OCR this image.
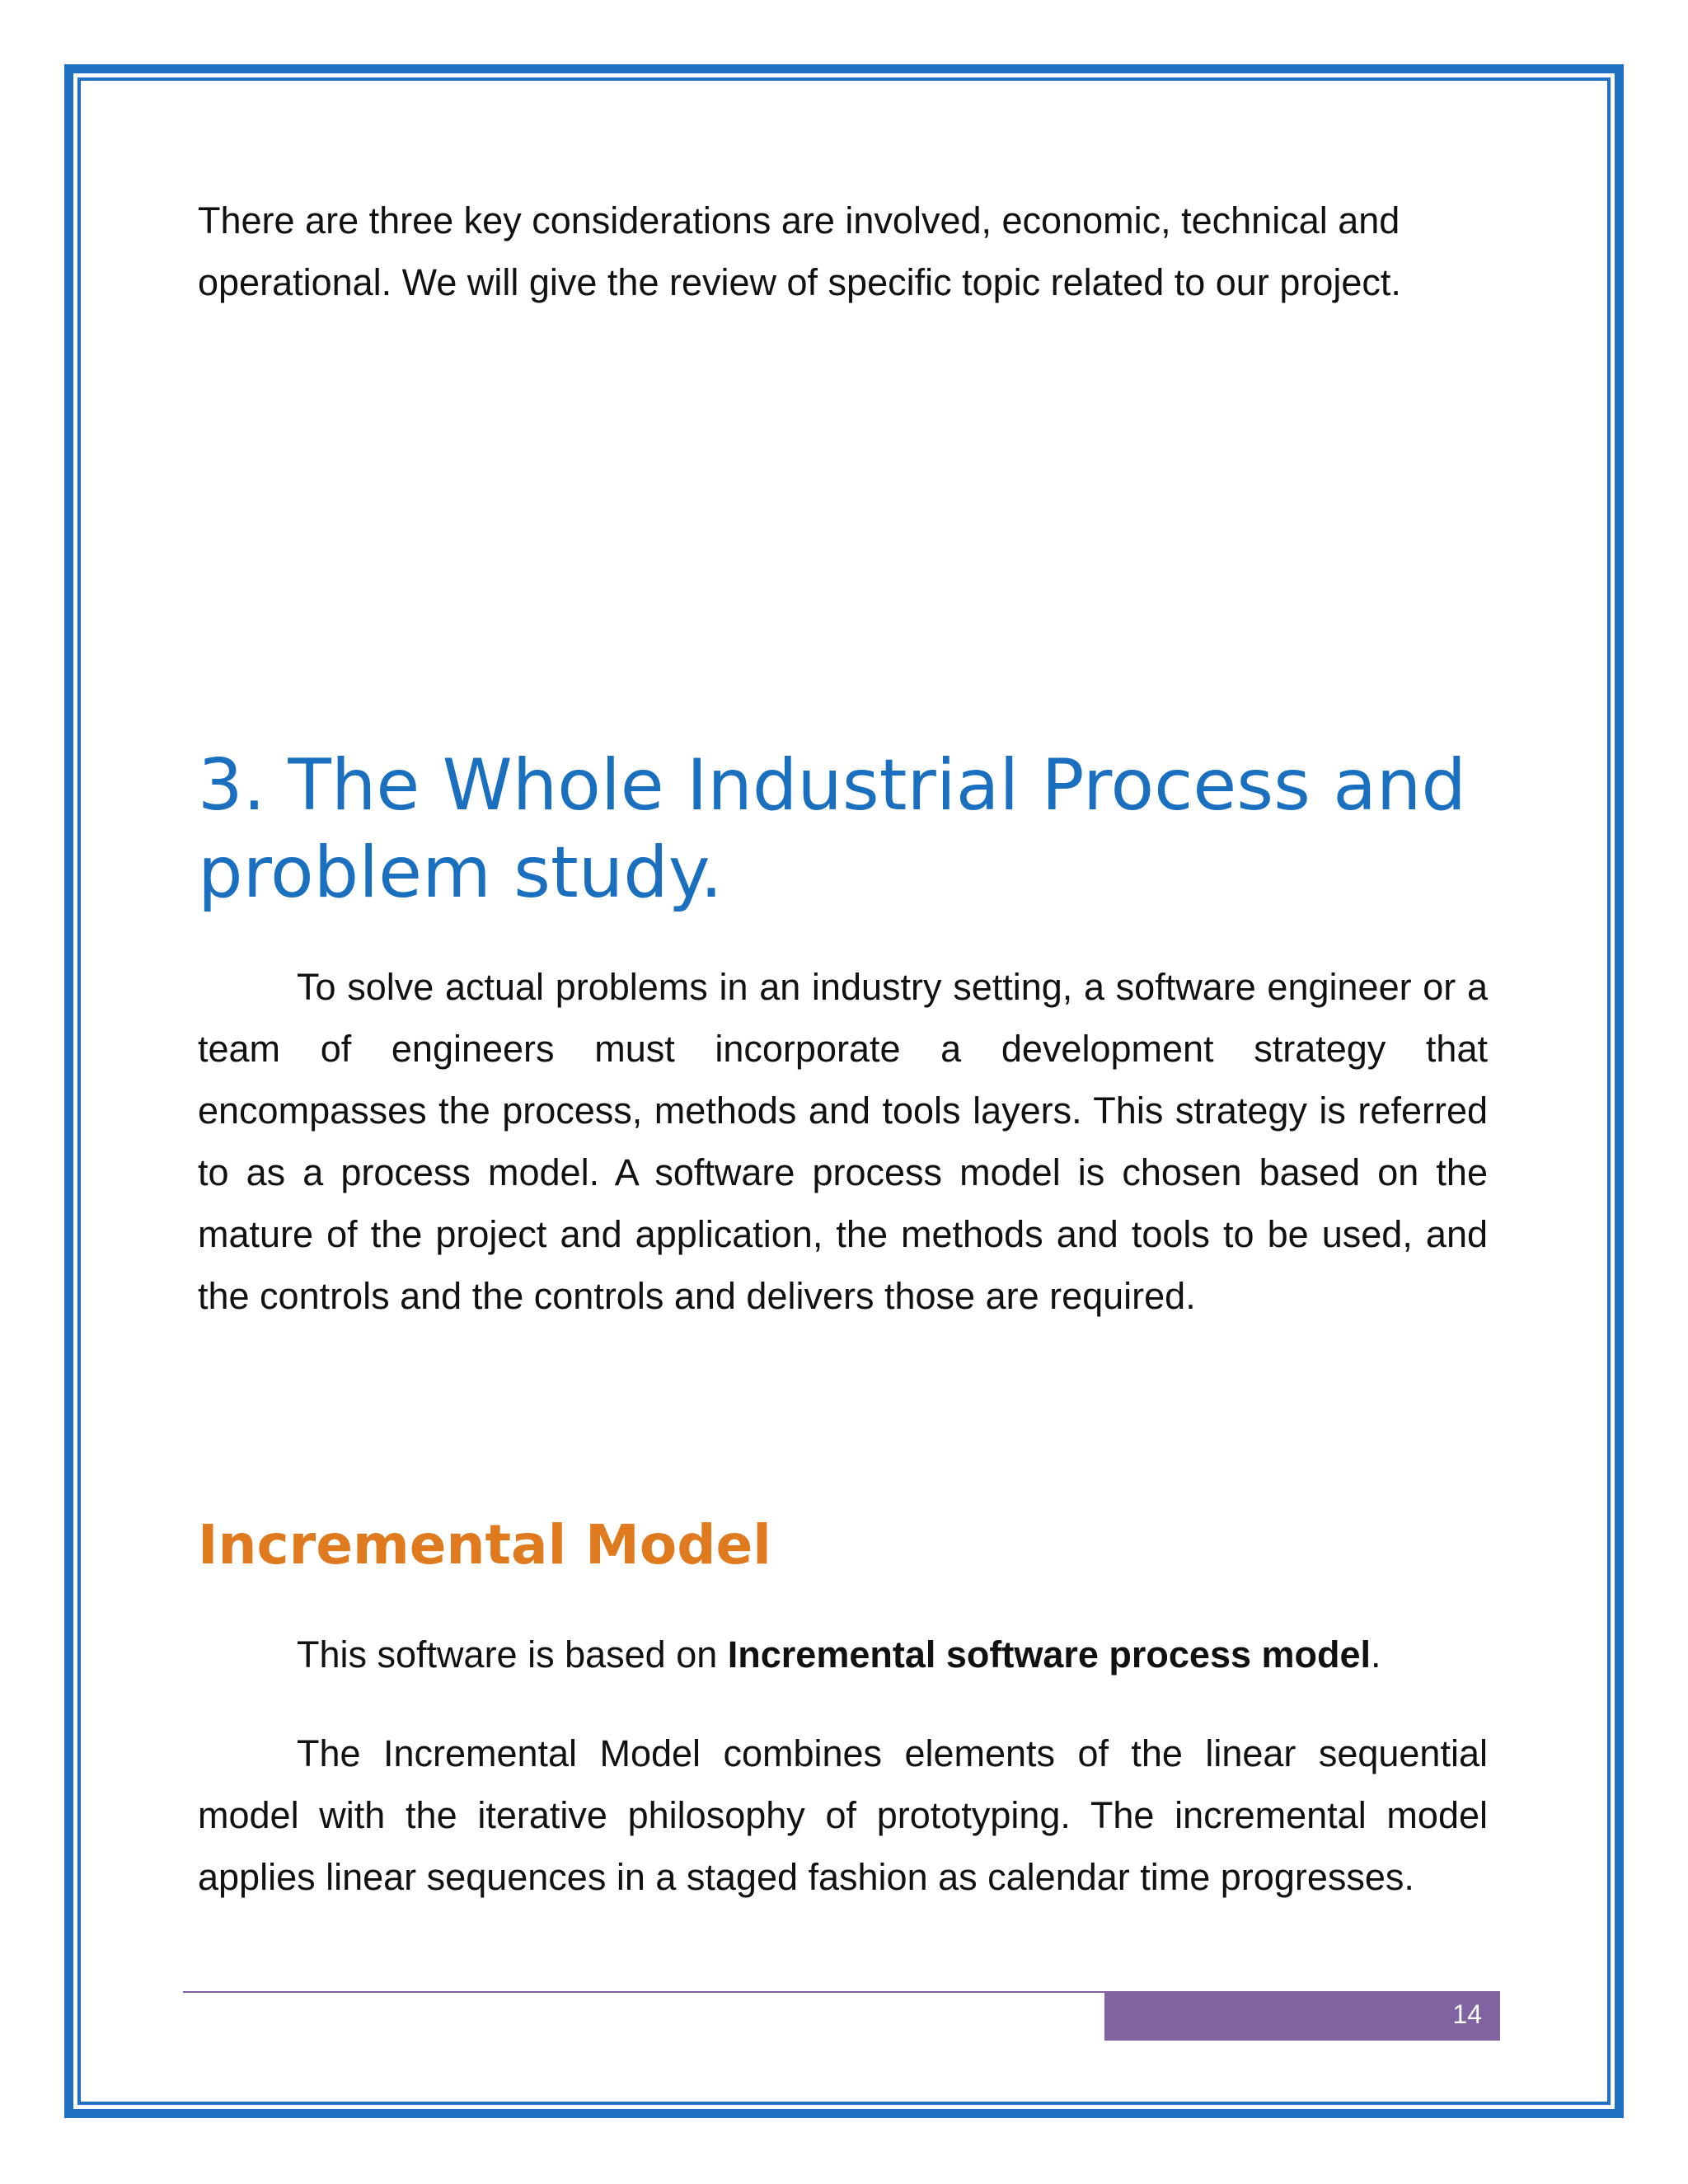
There are three key considerations are involved, economic, technical and operational. We will give the review of specific topic related to our project.

3. The Whole Industrial Process and problem study.

To solve actual problems in an industry setting, a software engineer or a team of engineers must incorporate a development strategy that encompasses the process, methods and tools layers. This strategy is referred to as a process model. A software process model is chosen based on the mature of the project and application, the methods and tools to be used, and the controls and the controls and delivers those are required.

Incremental Model

This software is based on Incremental software process model.

The Incremental Model combines elements of the linear sequential model with the iterative philosophy of prototyping. The incremental model applies linear sequences in a staged fashion as calendar time progresses.

14
